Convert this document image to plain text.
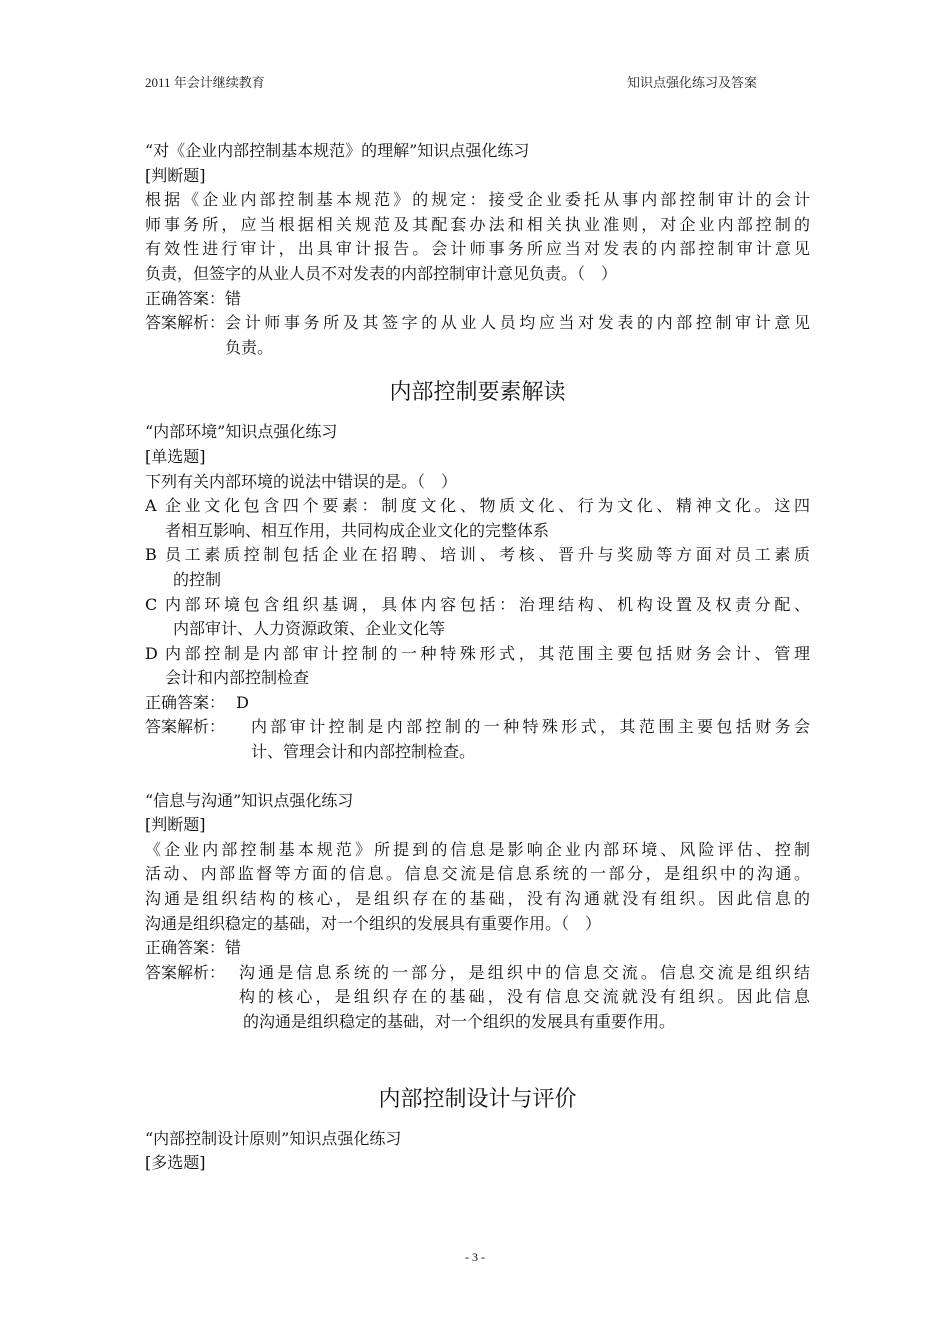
2011 年会计继续教育	知识点强化练习及答案
“对《企业内部控制基本规范》的理解”知识点强化练习
[判断题]
根据《企业内部控制基本规范》的规定：接受企业委托从事内部控制审计的会计
师事务所，应当根据相关规范及其配套办法和相关执业准则，对企业内部控制的
有效性进行审计，出具审计报告。会计师事务所应当对发表的内部控制审计意见
负责，但签字的从业人员不对发表的内部控制审计意见负责。（　）
正确答案：错
答案解析： 会计师事务所及其签字的从业人员均应当对发表的内部控制审计意见
负责。
内部控制要素解读
“内部环境”知识点强化练习
[单选题]
下列有关内部环境的说法中错误的是。（　）
A 企业文化包含四个要素：制度文化、物质文化、行为文化、精神文化。这四
者相互影响、相互作用，共同构成企业文化的完整体系
B 员工素质控制包括企业在招聘、培训、考核、晋升与奖励等方面对员工素质
的控制
C 内部环境包含组织基调，具体内容包括：治理结构、机构设置及权责分配、
内部审计、人力资源政策、企业文化等
D 内部控制是内部审计控制的一种特殊形式，其范围主要包括财务会计、管理
会计和内部控制检查
正确答案： D
答案解析：	内部审计控制是内部控制的一种特殊形式，其范围主要包括财务会
计、管理会计和内部控制检查。
“信息与沟通”知识点强化练习
[判断题]
《企业内部控制基本规范》所提到的信息是影响企业内部环境、风险评估、控制
活动、内部监督等方面的信息。信息交流是信息系统的一部分，是组织中的沟通。
沟通是组织结构的核心，是组织存在的基础，没有沟通就没有组织。因此信息的
沟通是组织稳定的基础，对一个组织的发展具有重要作用。（　）
正确答案：错
答案解析： 沟通是信息系统的一部分，是组织中的信息交流。信息交流是组织结
构的核心，是组织存在的基础，没有信息交流就没有组织。因此信息
的沟通是组织稳定的基础，对一个组织的发展具有重要作用。
内部控制设计与评价
“内部控制设计原则”知识点强化练习
[多选题]
- 3 -
